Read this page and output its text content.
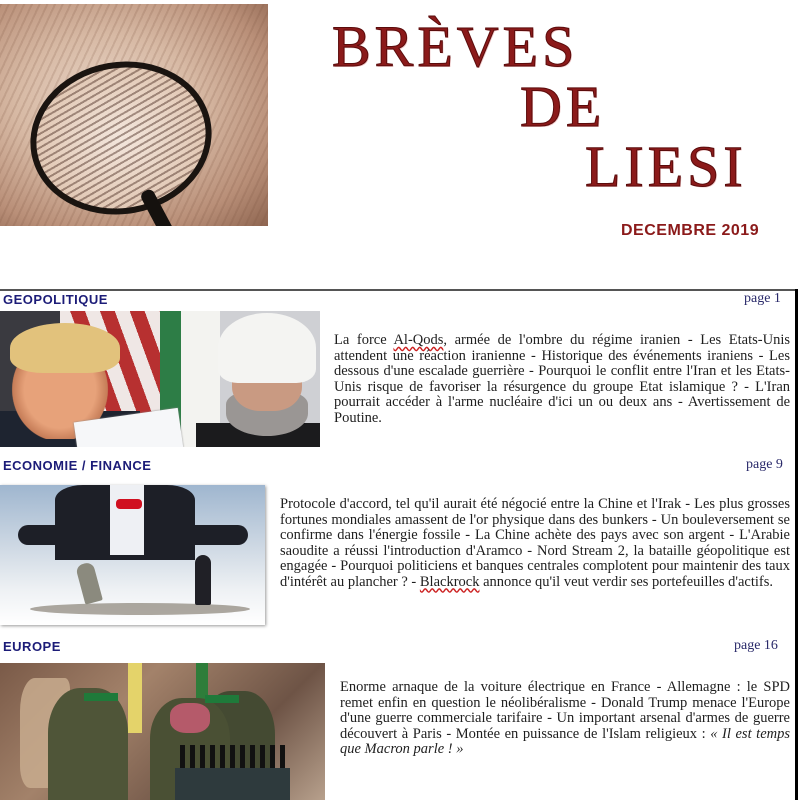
BRÈVES
DE
LIESI
DECEMBRE 2019
GEOPOLITIQUE	page 1
La force Al-Qods, armée de l'ombre du régime iranien - Les Etats-Unis attendent une réaction iranienne - Historique des événements iraniens - Les dessous d'une escalade guerrière - Pourquoi le conflit entre l'Iran et les Etats-Unis risque de favoriser la résurgence du groupe Etat islamique ? - L'Iran pourrait accéder à l'arme nucléaire d'ici un ou deux ans - Avertissement de Poutine.
ECONOMIE / FINANCE	page 9
Protocole d'accord, tel qu'il aurait été négocié entre la Chine et l'Irak - Les plus grosses fortunes mondiales amassent de l'or physique dans des bunkers - Un bouleversement se confirme dans l'énergie fossile - La Chine achète des pays avec son argent - L'Arabie saoudite a réussi l'introduction d'Aramco - Nord Stream 2, la bataille géopolitique est engagée - Pourquoi politiciens et banques centrales complotent pour maintenir des taux d'intérêt au plancher ? - Blackrock annonce qu'il veut verdir ses portefeuilles d'actifs.
EUROPE	page 16
Enorme arnaque de la voiture électrique en France - Allemagne : le SPD remet enfin en question le néolibéralisme - Donald Trump menace l'Europe d'une guerre commerciale tarifaire - Un important arsenal d'armes de guerre découvert à Paris - Montée en puissance de l'Islam religieux : « Il est temps que Macron parle ! »
